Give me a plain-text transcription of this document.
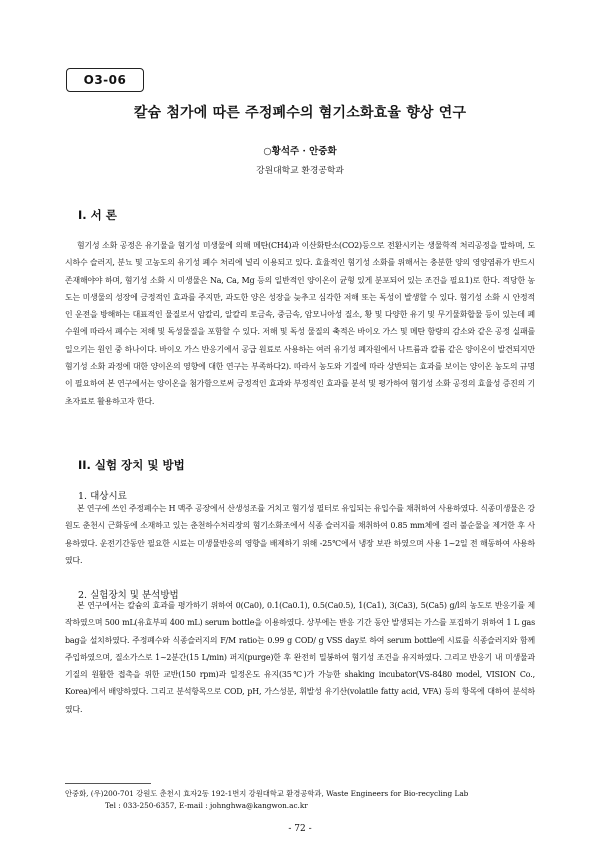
O3-06
칼슘 첨가에 따른 주정폐수의 혐기소화효율 향상 연구
○황석주 · 안중화
강원대학교 환경공학과
I. 서 론
혐기성 소화 공정은 유기물을 혐기성 미생물에 의해 메탄(CH4)과 이산화탄소(CO2)등으로 전환시키는 생물학적 처리공정을 말하며, 도시하수 슬러지, 분뇨 및 고농도의 유기성 폐수 처리에 널리 이용되고 있다. 효율적인 혐기성 소화를 위해서는 충분한 양의 영양염류가 반드시 존재해야야 하며, 혐기성 소화 시 미생물은 Na, Ca, Mg 등의 일반적인 양이온이 균형 있게 분포되어 있는 조건을 필요1)로 한다. 적당한 농도는 미생물의 성장에 긍정적인 효과를 주지만, 과도한 양은 성장을 늦추고 심각한 저해 또는 독성이 발생할 수 있다. 혐기성 소화 시 안정적인 운전을 방해하는 대표적인 물질로서 암칼리, 알칼리 토금속, 중금속, 암모니아성 질소, 황 및 다양한 유기 및 무기물화합물 등이 있는데 폐수원에 따라서 폐수는 저해 및 독성물질을 포함할 수 있다. 저해 및 독성 물질의 축적은 바이오 가스 및 메탄 함량의 감소와 같은 공정 실패를 일으키는 원인 중 하나이다. 바이오 가스 반응기에서 공급 원료로 사용하는 여러 유기성 폐자원에서 나트륨과 칼륨 같은 양이온이 발견되지만 혐기성 소화 과정에 대한 양이온의 영향에 대한 연구는 부족하다2). 따라서 농도와 기질에 따라 상반되는 효과를 보이는 양이온 농도의 규명이 필요하여 본 연구에서는 양이온을 첨가함으로써 긍정적인 효과와 부정적인 효과를 분석 및 평가하여 혐기성 소화 공정의 효율성 증진의 기초자료로 활용하고자 한다.
II. 실험 장치 및 방법
1. 대상시료
본 연구에 쓰인 주정폐수는 H 맥주 공장에서 산생성조를 거치고 혐기성 필터로 유입되는 유입수를 채취하여 사용하였다. 식종미생물은 강원도 춘천시 근화동에 소재하고 있는 춘천하수처리장의 혐기소화조에서 식종 슬러지를 채취하여 0.85 mm체에 걸러 불순물을 제거한 후 사용하였다. 운전기간동안 필요한 시료는 미생물반응의 영향을 배제하기 위해 -25℃에서 냉장 보관 하였으며 사용 1~2일 전 해동하여 사용하였다.
2. 실험장치 및 분석방법
본 연구에서는 칼슘의 효과를 평가하기 위하여 0(Ca0), 0.1(Ca0.1), 0.5(Ca0.5), 1(Ca1), 3(Ca3), 5(Ca5) g/l의 농도로 반응기를 제작하였으며 500 mL(유효부피 400 mL) serum bottle을 이용하였다. 상부에는 반응 기간 동안 발생되는 가스를 포집하기 위하여 1 L gas bag을 설치하였다. 주정폐수와 식종슬러지의 F/M ratio는 0.99 g COD/ g VSS day로 하여 serum bottle에 시료를 식종슬러지와 함께 주입하였으며, 질소가스로 1~2분간(15 L/min) 퍼지(purge)한 후 완전히 밀봉하여 혐기성 조건을 유지하였다. 그리고 반응기 내 미생물과 기질의 원활한 접촉을 위한 교반(150 rpm)과 일정온도 유지(35℃)가 가능한 shaking incubator(VS-8480 model, VISION Co., Korea)에서 배양하였다. 그리고 분석항목으로 COD, pH, 가스성분, 휘발성 유기산(volatile fatty acid, VFA) 등의 항목에 대하여 분석하였다.
안중화, (우)200-701 강원도 춘천시 효자2동 192-1번지 강원대학교 환경공학과, Waste Engineers for Bio-recycling Lab
Tel : 033-250-6357, E-mail : johnghwa@kangwon.ac.kr
- 72 -
